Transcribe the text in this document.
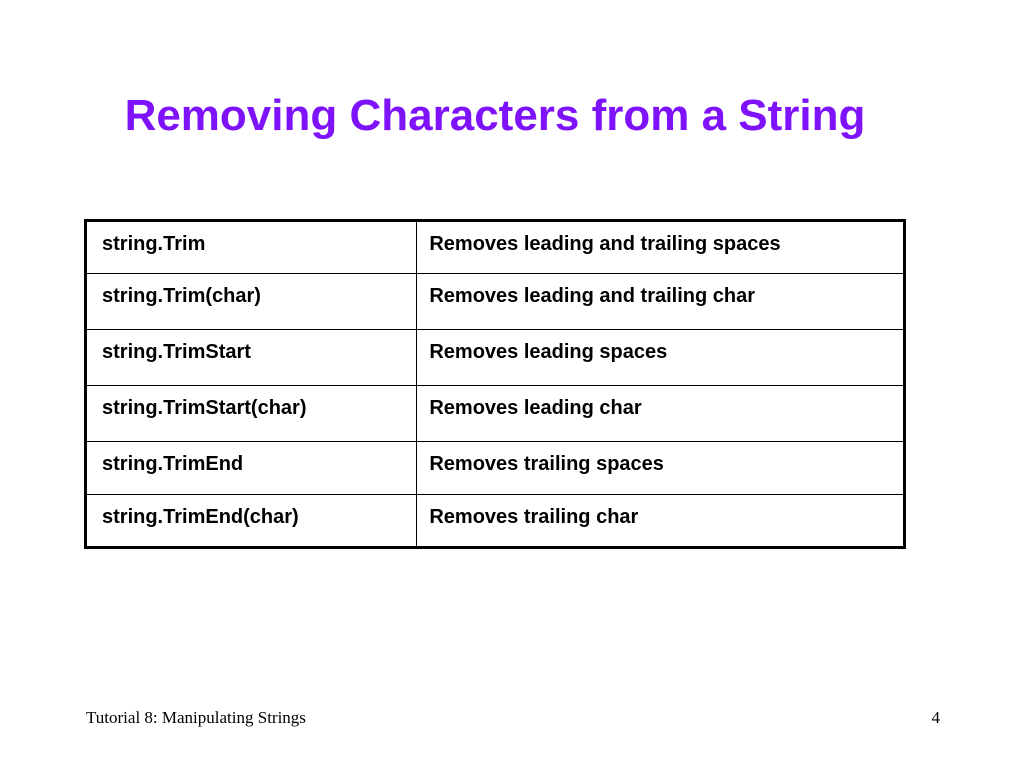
Removing Characters from a String
string.Trim	Removes leading and trailing spaces
string.Trim(char)	Removes leading and trailing char
string.TrimStart	Removes leading spaces
string.TrimStart(char)	Removes leading char
string.TrimEnd	Removes trailing spaces
string.TrimEnd(char)	Removes trailing char
Tutorial 8: Manipulating Strings	4
